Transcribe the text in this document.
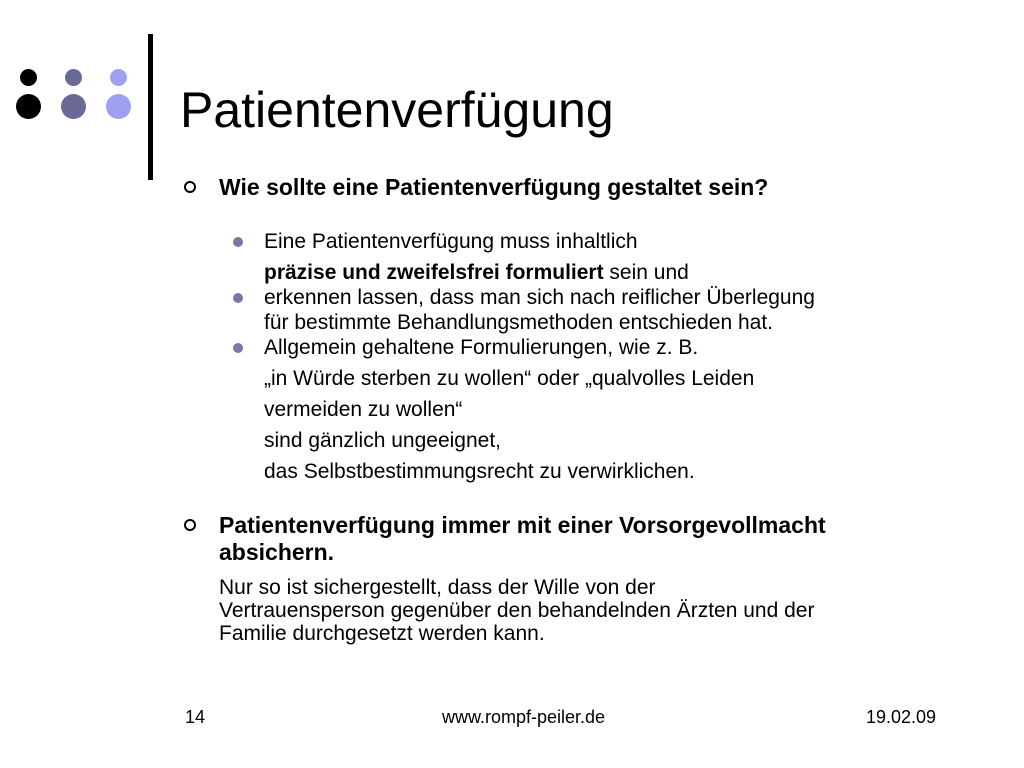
Patientenverfügung
Wie sollte eine Patientenverfügung gestaltet sein?
Eine Patientenverfügung muss inhaltlich
präzise und zweifelsfrei formuliert sein und
erkennen lassen, dass man sich nach reiflicher Überlegung
für bestimmte Behandlungsmethoden entschieden hat.
Allgemein gehaltene Formulierungen, wie z. B.
„in Würde sterben zu wollen“ oder „qualvolles Leiden
vermeiden zu wollen“
sind gänzlich ungeeignet,
das Selbstbestimmungsrecht zu verwirklichen.
Patientenverfügung immer mit einer Vorsorgevollmacht
absichern.
Nur so ist sichergestellt, dass der Wille von der
Vertrauensperson gegenüber den behandelnden Ärzten und der
Familie durchgesetzt werden kann.
14	www.rompf-peiler.de	19.02.09
